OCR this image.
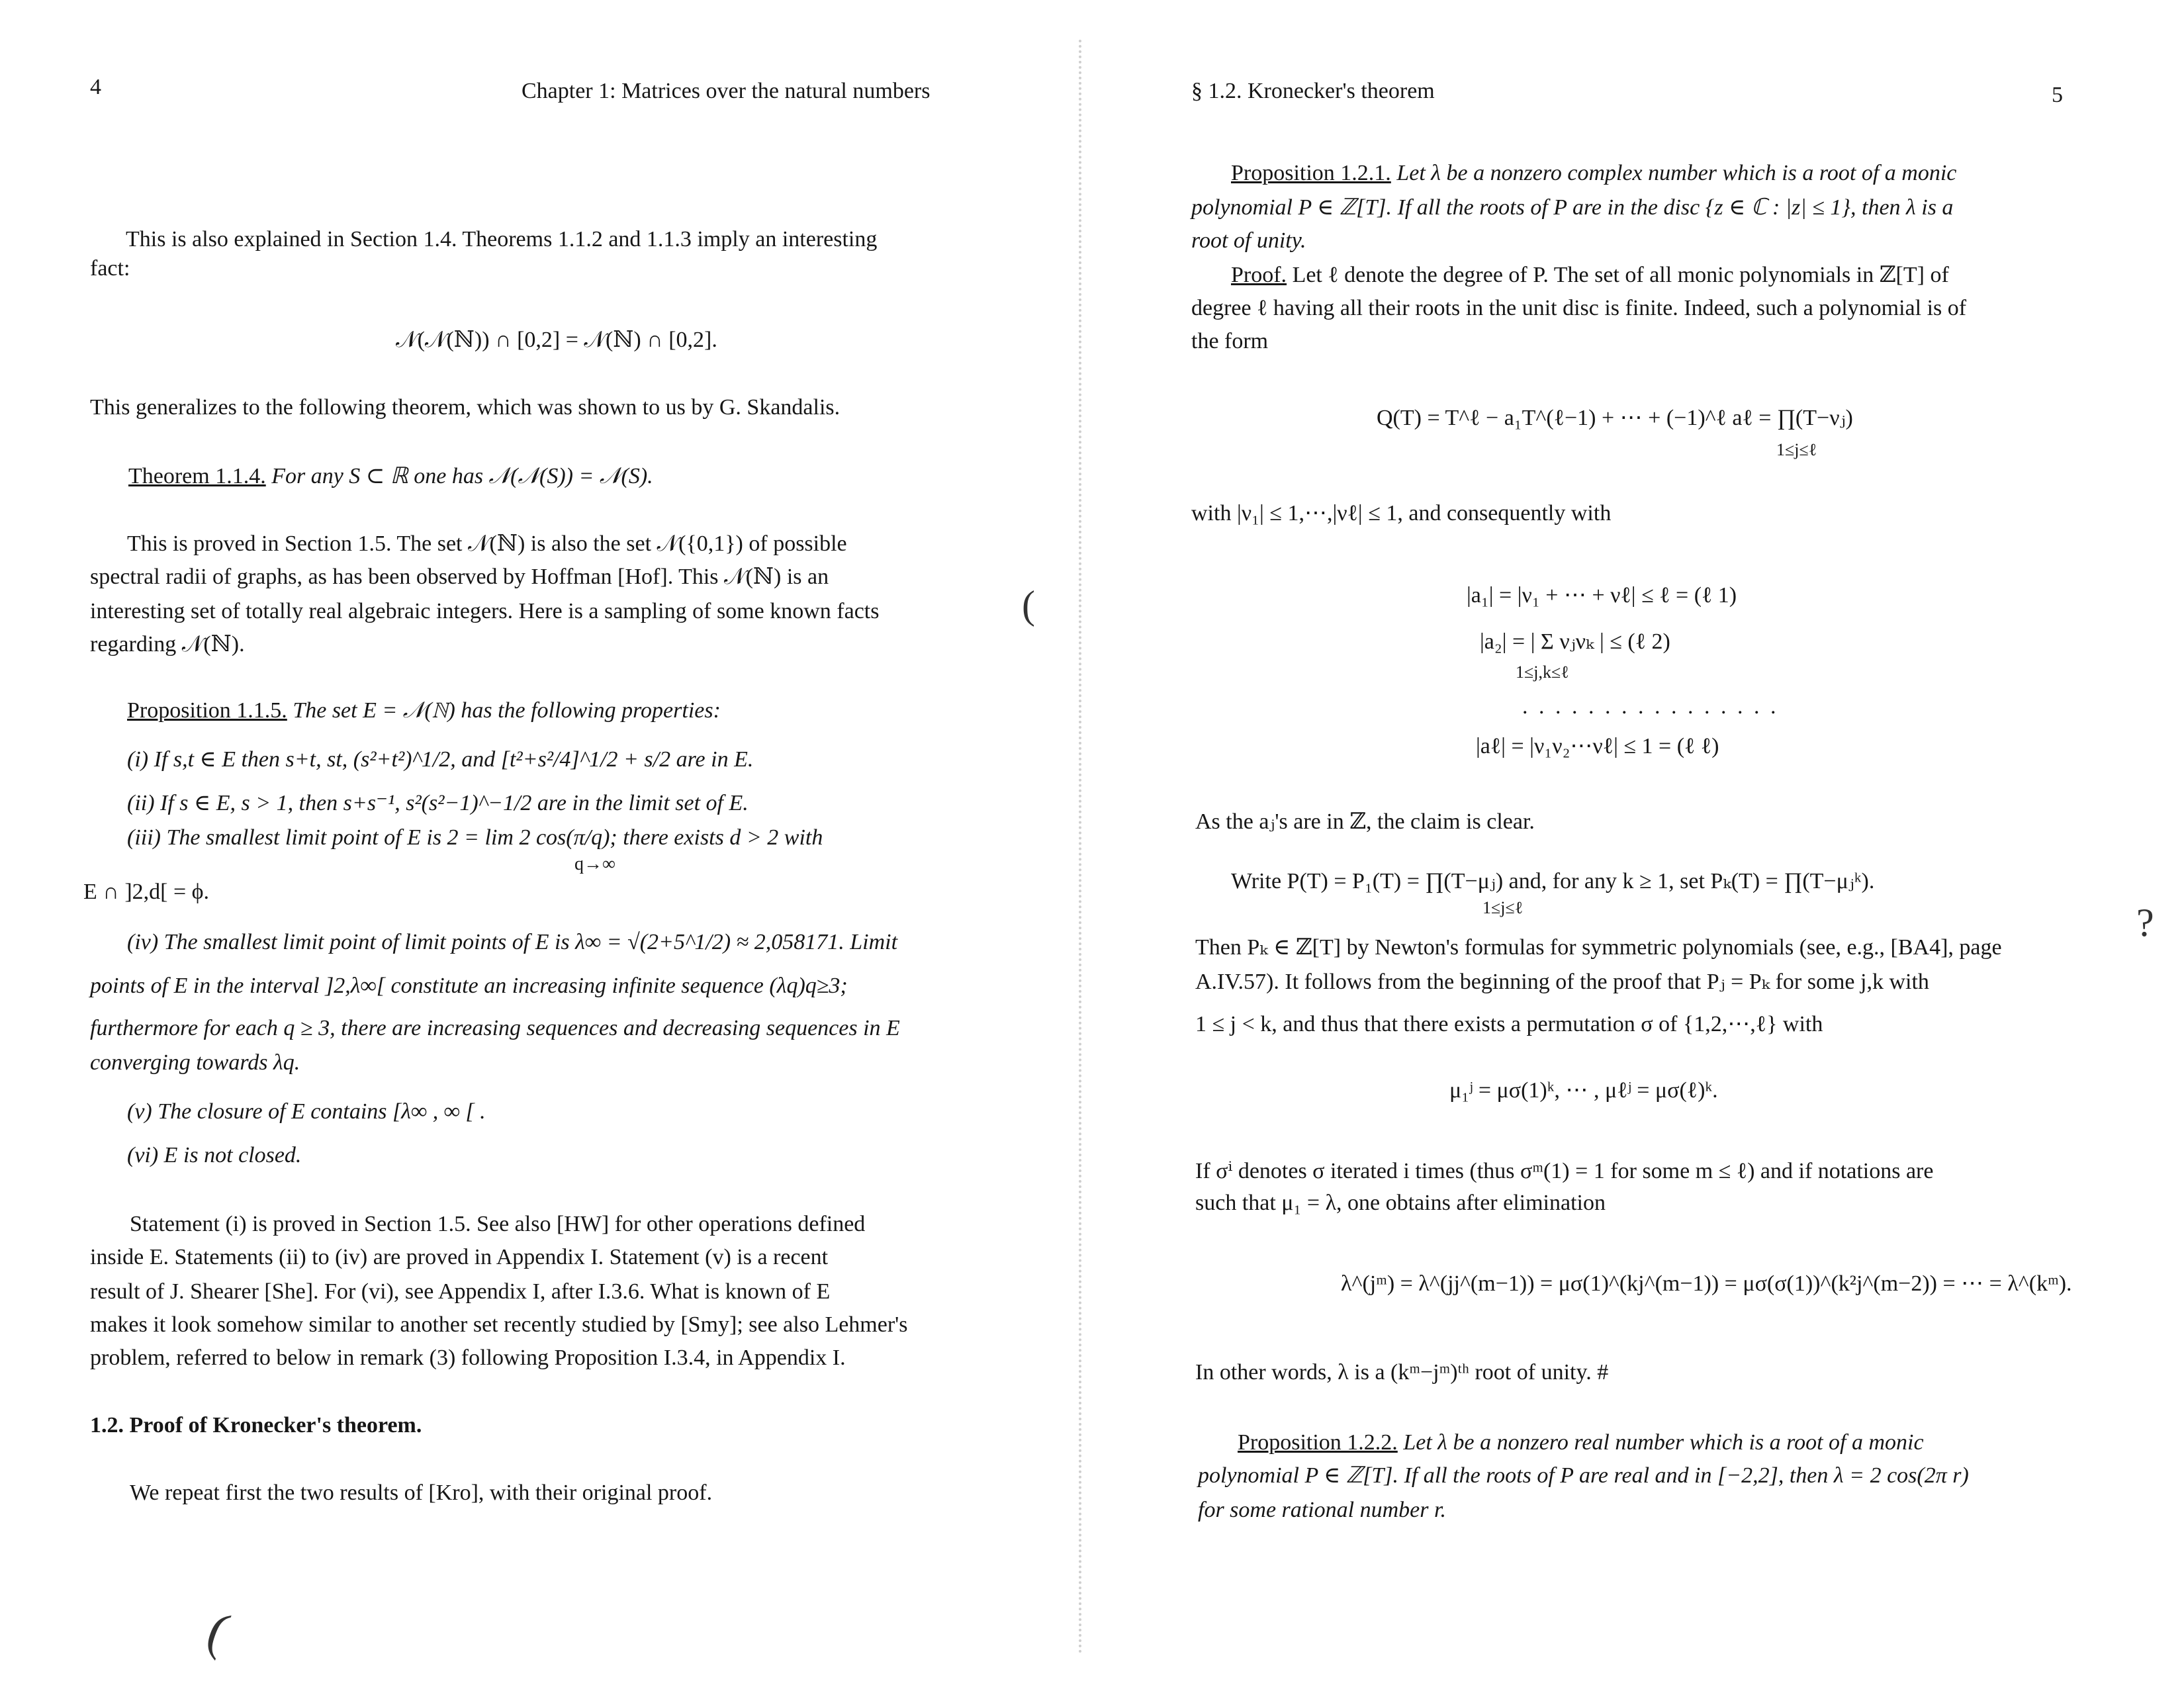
4	Chapter 1: Matrices over the natural numbers
This is also explained in Section 1.4. Theorems 1.1.2 and 1.1.3 imply an interesting
fact:
𝒩(𝒩(ℕ)) ∩ [0,2] = 𝒩(ℕ) ∩ [0,2].
This generalizes to the following theorem, which was shown to us by G. Skandalis.
Theorem 1.1.4. For any S ⊂ ℝ one has 𝒩(𝒩(S)) = 𝒩(S).
This is proved in Section 1.5. The set 𝒩(ℕ) is also the set 𝒩({0,1}) of possible
spectral radii of graphs, as has been observed by Hoffman [Hof]. This 𝒩(ℕ) is an
interesting set of totally real algebraic integers. Here is a sampling of some known facts
regarding 𝒩(ℕ).
Proposition 1.1.5. The set E = 𝒩(ℕ) has the following properties:
(i) If s,t ∈ E then s+t, st, (s²+t²)^1/2, and [t²+s²/4]^1/2 + s/2 are in E.
(ii) If s ∈ E, s > 1, then s+s⁻¹, s²(s²−1)^−1/2 are in the limit set of E.
(iii) The smallest limit point of E is 2 = lim 2 cos(π/q); there exists d > 2 with
q→∞
E ∩ ]2,d[ = ϕ.
(iv) The smallest limit point of limit points of E is λ∞ = √(2+5^1/2) ≈ 2,058171. Limit
points of E in the interval ]2,λ∞[ constitute an increasing infinite sequence (λq)q≥3;
furthermore for each q ≥ 3, there are increasing sequences and decreasing sequences in E
converging towards λq.
(v) The closure of E contains [λ∞ , ∞ [ .
(vi) E is not closed.
Statement (i) is proved in Section 1.5. See also [HW] for other operations defined
inside E. Statements (ii) to (iv) are proved in Appendix I. Statement (v) is a recent
result of J. Shearer [She]. For (vi), see Appendix I, after I.3.6. What is known of E
makes it look somehow similar to another set recently studied by [Smy]; see also Lehmer's
problem, referred to below in remark (3) following Proposition I.3.4, in Appendix I.
1.2. Proof of Kronecker's theorem.
We repeat first the two results of [Kro], with their original proof.
(
(
§ 1.2. Kronecker's theorem	5
Proposition 1.2.1. Let λ be a nonzero complex number which is a root of a monic
polynomial P ∈ ℤ[T]. If all the roots of P are in the disc {z ∈ ℂ : |z| ≤ 1}, then λ is a
root of unity.
Proof. Let ℓ denote the degree of P. The set of all monic polynomials in ℤ[T] of
degree ℓ having all their roots in the unit disc is finite. Indeed, such a polynomial is of
the form
Q(T) = T^ℓ − a₁T^(ℓ−1) + ⋯ + (−1)^ℓ aℓ = ∏(T−νⱼ)
1≤j≤ℓ
with |ν₁| ≤ 1,⋯,|νℓ| ≤ 1, and consequently with
|a₁| = |ν₁ + ⋯ + νℓ| ≤ ℓ = (ℓ 1)
|a₂| = | Σ νⱼνₖ | ≤ (ℓ 2)
1≤j,k≤ℓ
. . . . . . . . . . . . . . . .
|aℓ| = |ν₁ν₂⋯νℓ| ≤ 1 = (ℓ ℓ)
As the aⱼ's are in ℤ, the claim is clear.
Write P(T) = P₁(T) = ∏(T−μⱼ) and, for any k ≥ 1, set Pₖ(T) = ∏(T−μⱼᵏ).
1≤j≤ℓ
Then Pₖ ∈ ℤ[T] by Newton's formulas for symmetric polynomials (see, e.g., [BA4], page
A.IV.57). It follows from the beginning of the proof that Pⱼ = Pₖ for some j,k with
1 ≤ j < k, and thus that there exists a permutation σ of {1,2,⋯,ℓ} with
μ₁ʲ = μσ(1)ᵏ, ⋯ , μℓʲ = μσ(ℓ)ᵏ.
If σⁱ denotes σ iterated i times (thus σᵐ(1) = 1 for some m ≤ ℓ) and if notations are
such that μ₁ = λ, one obtains after elimination
λ^(jᵐ) = λ^(jj^(m−1)) = μσ(1)^(kj^(m−1)) = μσ(σ(1))^(k²j^(m−2)) = ⋯ = λ^(kᵐ).
In other words, λ is a (kᵐ−jᵐ)ᵗʰ root of unity. #
Proposition 1.2.2. Let λ be a nonzero real number which is a root of a monic
polynomial P ∈ ℤ[T]. If all the roots of P are real and in [−2,2], then λ = 2 cos(2π r)
for some rational number r.
?
